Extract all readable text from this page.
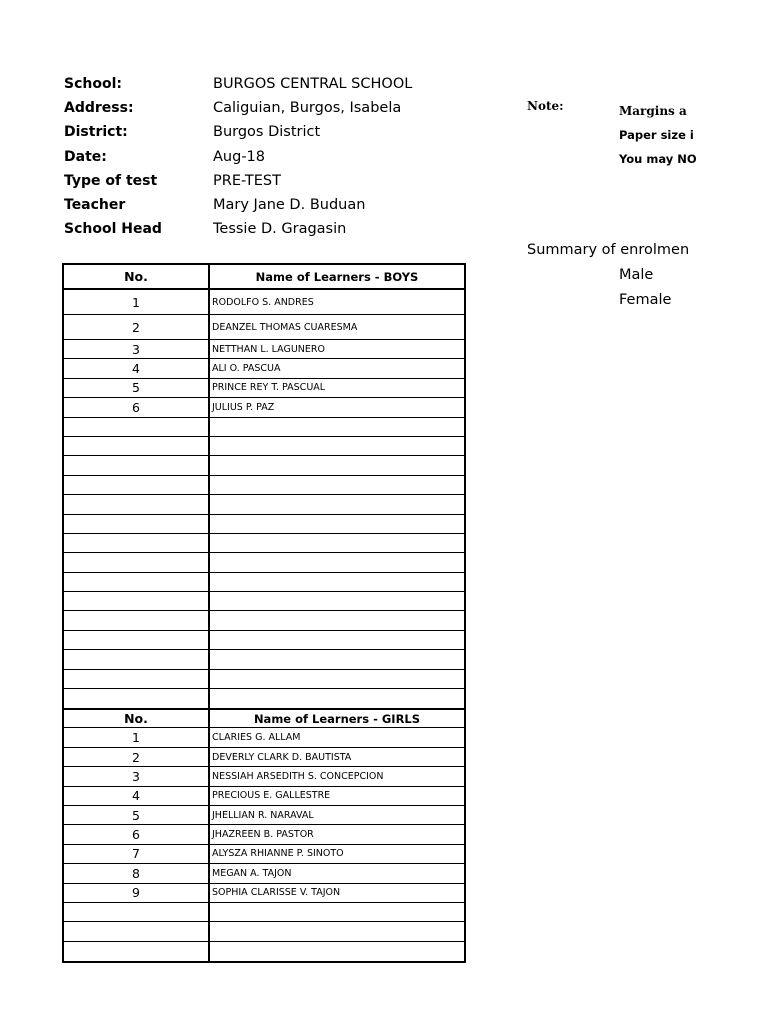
School:	BURGOS CENTRAL SCHOOL
Address:	Caliguian, Burgos, Isabela
District:	Burgos District
Date:	Aug-18
Type of test	PRE-TEST
Teacher	Mary Jane D. Buduan
School Head	Tessie D. Gragasin
Note:	Margins a
Paper size i
You may NO
Summary of enrolmen
Male
Female
No.	Name of Learners - BOYS
1	RODOLFO S. ANDRES
2	DEANZEL THOMAS CUARESMA
3	NETTHAN L. LAGUNERO
4	ALI O. PASCUA
5	PRINCE REY T. PASCUAL
6	JULIUS P. PAZ
No.	Name of Learners - GIRLS
1	CLARIES G. ALLAM
2	DEVERLY CLARK D. BAUTISTA
3	NESSIAH ARSEDITH S. CONCEPCION
4	PRECIOUS E. GALLESTRE
5	JHELLIAN R. NARAVAL
6	JHAZREEN B. PASTOR
7	ALYSZA RHIANNE P. SINOTO
8	MEGAN A. TAJON
9	SOPHIA CLARISSE V. TAJON
